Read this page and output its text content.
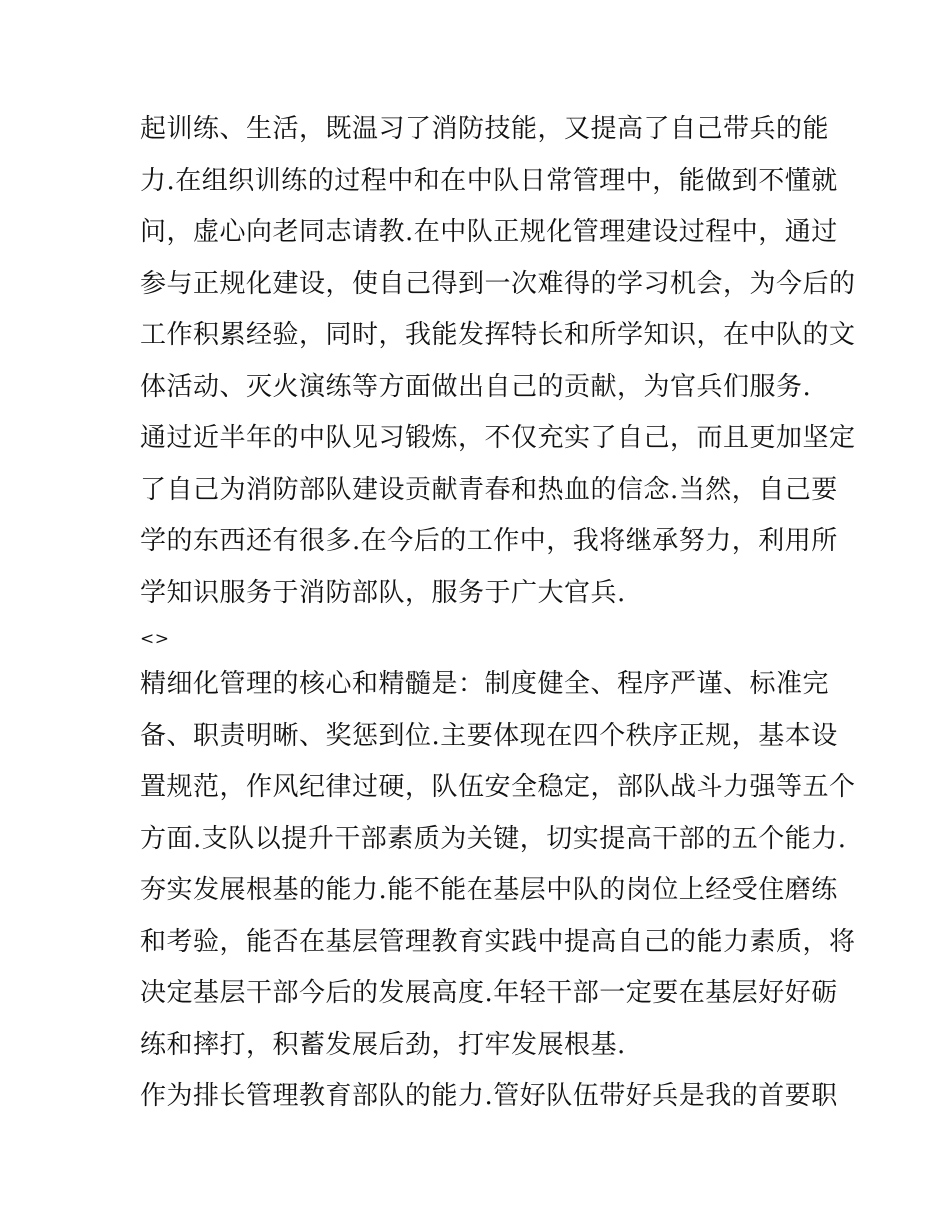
起训练、生活，既温习了消防技能，又提高了自己带兵的能
力.在组织训练的过程中和在中队日常管理中，能做到不懂就
问，虚心向老同志请教.在中队正规化管理建设过程中，通过
参与正规化建设，使自己得到一次难得的学习机会，为今后的
工作积累经验，同时，我能发挥特长和所学知识，在中队的文
体活动、灭火演练等方面做出自己的贡献，为官兵们服务.
通过近半年的中队见习锻炼，不仅充实了自己，而且更加坚定
了自己为消防部队建设贡献青春和热血的信念.当然，自己要
学的东西还有很多.在今后的工作中，我将继承努力，利用所
学知识服务于消防部队，服务于广大官兵.
<>
精细化管理的核心和精髓是：制度健全、程序严谨、标准完
备、职责明晰、奖惩到位.主要体现在四个秩序正规，基本设
置规范，作风纪律过硬，队伍安全稳定，部队战斗力强等五个
方面.支队以提升干部素质为关键，切实提高干部的五个能力.
夯实发展根基的能力.能不能在基层中队的岗位上经受住磨练
和考验，能否在基层管理教育实践中提高自己的能力素质，将
决定基层干部今后的发展高度.年轻干部一定要在基层好好砺
练和摔打，积蓄发展后劲，打牢发展根基.
作为排长管理教育部队的能力.管好队伍带好兵是我的首要职
